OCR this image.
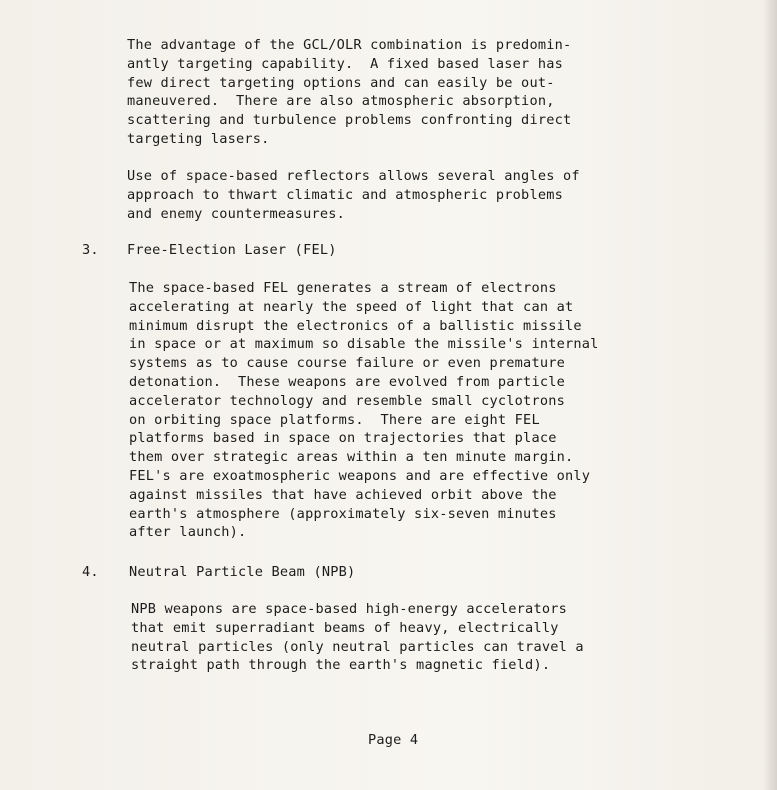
The advantage of the GCL/OLR combination is predomin-
antly targeting capability.  A fixed based laser has
few direct targeting options and can easily be out-
maneuvered.  There are also atmospheric absorption,
scattering and turbulence problems confronting direct
targeting lasers.

Use of space-based reflectors allows several angles of
approach to thwart climatic and atmospheric problems
and enemy countermeasures.

3. Free-Election Laser (FEL)

The space-based FEL generates a stream of electrons
accelerating at nearly the speed of light that can at
minimum disrupt the electronics of a ballistic missile
in space or at maximum so disable the missile's internal
systems as to cause course failure or even premature
detonation.  These weapons are evolved from particle
accelerator technology and resemble small cyclotrons
on orbiting space platforms.  There are eight FEL
platforms based in space on trajectories that place
them over strategic areas within a ten minute margin.
FEL's are exoatmospheric weapons and are effective only
against missiles that have achieved orbit above the
earth's atmosphere (approximately six-seven minutes
after launch).

4. Neutral Particle Beam (NPB)

NPB weapons are space-based high-energy accelerators
that emit superradiant beams of heavy, electrically
neutral particles (only neutral particles can travel a
straight path through the earth's magnetic field).

Page 4
